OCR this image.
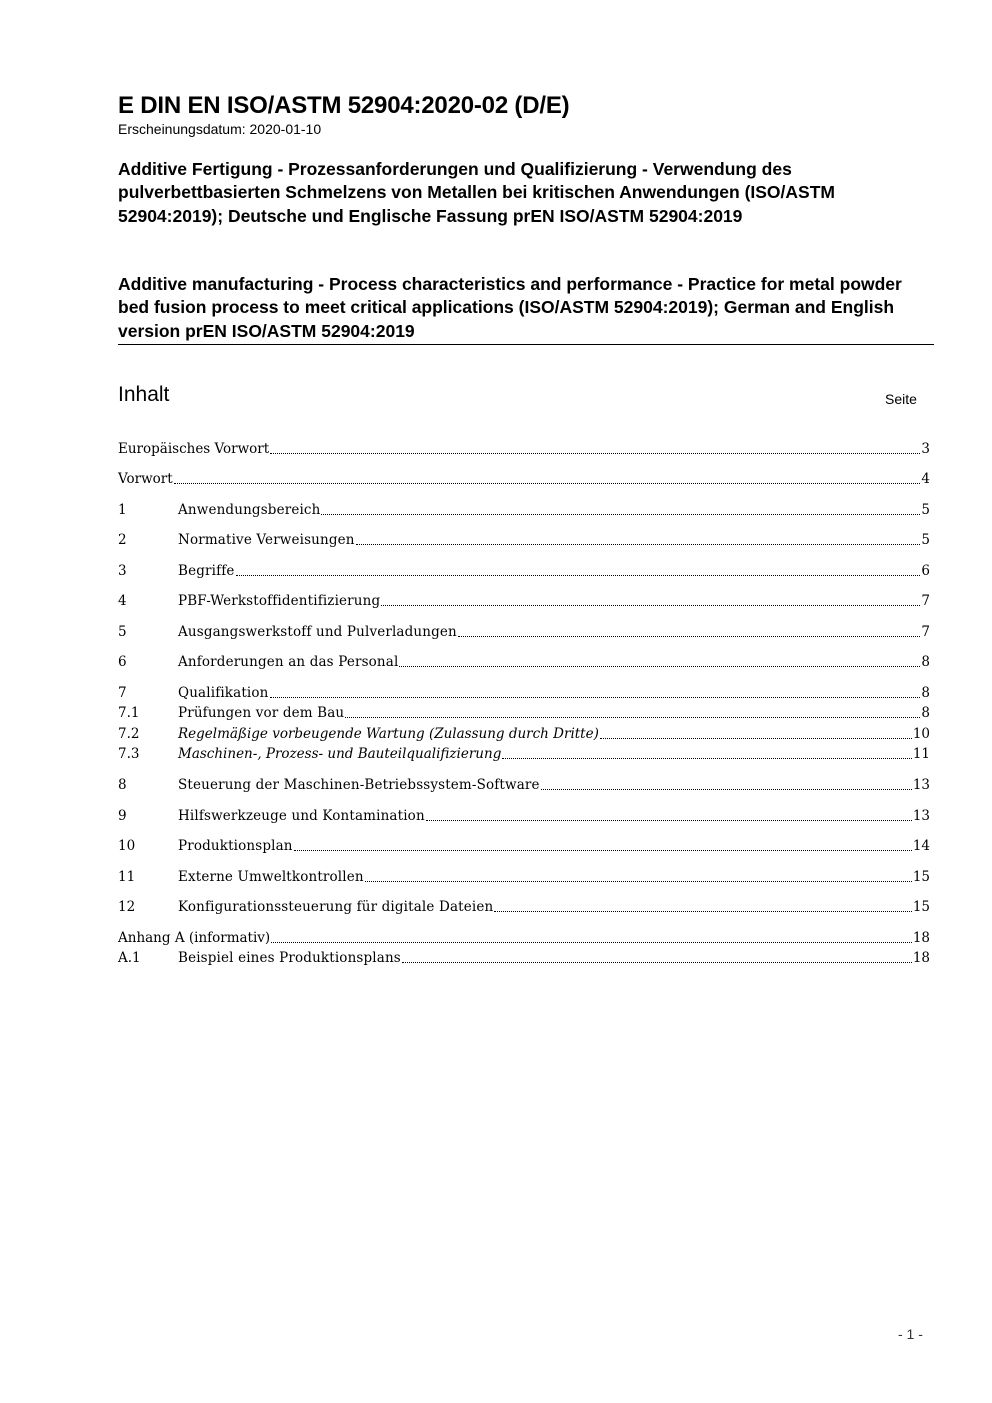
E DIN EN ISO/ASTM 52904:2020-02 (D/E)
Erscheinungsdatum: 2020-01-10
Additive Fertigung - Prozessanforderungen und Qualifizierung - Verwendung des pulverbettbasierten Schmelzens von Metallen bei kritischen Anwendungen (ISO/ASTM 52904:2019); Deutsche und Englische Fassung prEN ISO/ASTM 52904:2019
Additive manufacturing - Process characteristics and performance - Practice for metal powder bed fusion process to meet critical applications (ISO/ASTM 52904:2019); German and English version prEN ISO/ASTM 52904:2019
Inhalt	Seite
Europäisches Vorwort	3
Vorwort	4
1	Anwendungsbereich	5
2	Normative Verweisungen	5
3	Begriffe	6
4	PBF-Werkstoffidentifizierung	7
5	Ausgangswerkstoff und Pulverladungen	7
6	Anforderungen an das Personal	8
7	Qualifikation	8
7.1	Prüfungen vor dem Bau	8
7.2	Regelmäßige vorbeugende Wartung (Zulassung durch Dritte)	10
7.3	Maschinen-, Prozess- und Bauteilqualifizierung	11
8	Steuerung der Maschinen-Betriebssystem-Software	13
9	Hilfswerkzeuge und Kontamination	13
10	Produktionsplan	14
11	Externe Umweltkontrollen	15
12	Konfigurationssteuerung für digitale Dateien	15
Anhang A (informativ)	18
A.1	Beispiel eines Produktionsplans	18
- 1 -
